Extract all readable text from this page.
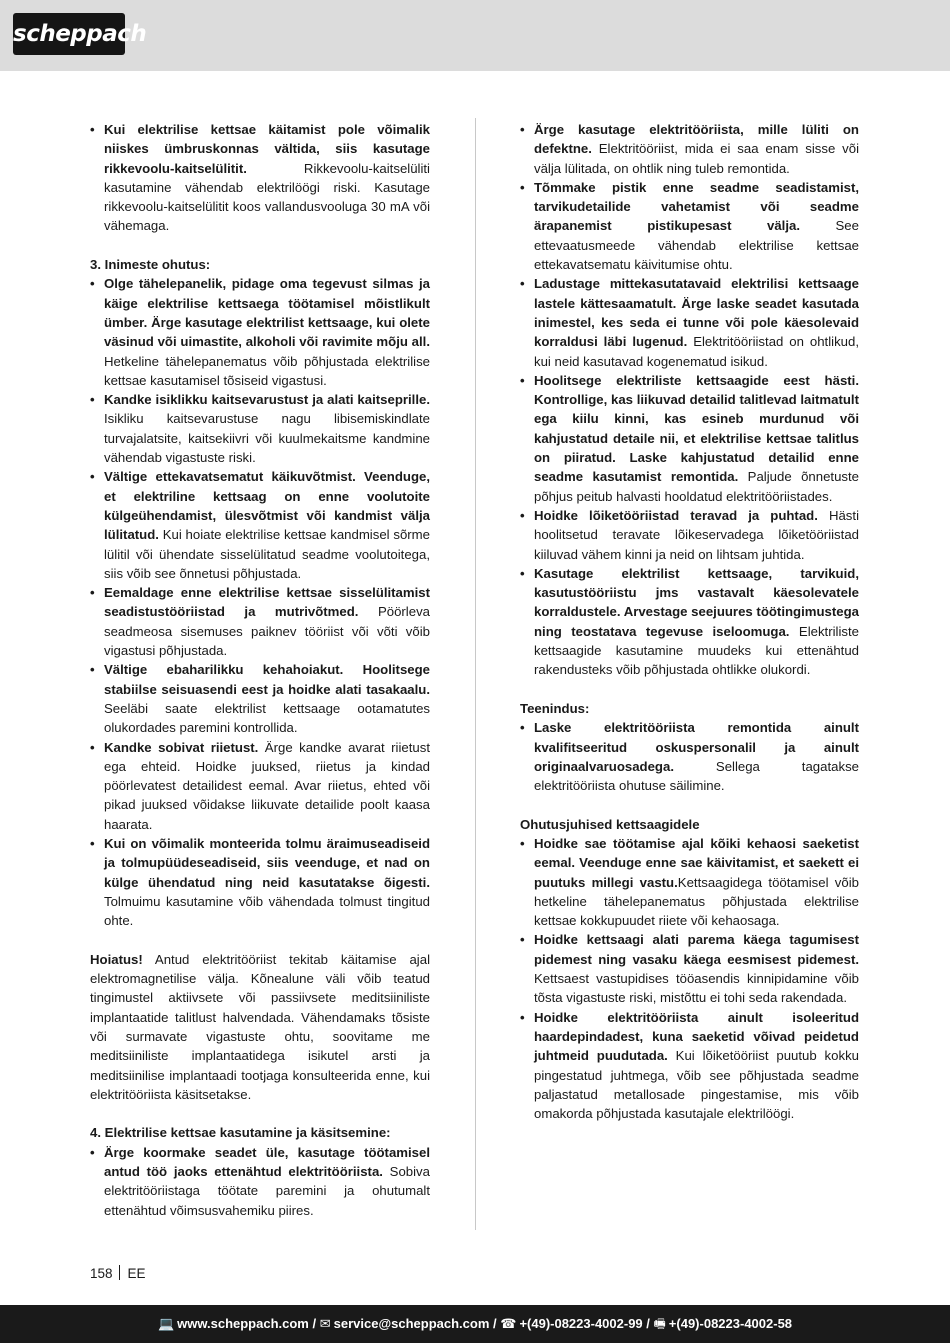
scheppach

• Kui elektrilise kettsae käitamist pole võimalik niiskes ümbruskonnas vältida, siis kasutage rikkevoolu-kaitselülitit. Rikkevoolu-kaitselüliti kasutamine vähendab elektrilöögi riski. Kasutage rikkevoolu-kaitselülitit koos vallandusvooluga 30 mA või vähemaga.

3. Inimeste ohutus:

• Olge tähelepanelik, pidage oma tegevust silmas ja käige elektrilise kettsaega töötamisel mõistlikult ümber. Ärge kasutage elektrilist kettsaage, kui olete väsinud või uimastite, alkoholi või ravimite mõju all. Hetkeline tähelepanematus võib põhjustada elektrilise kettsae kasutamisel tõsiseid vigastusi.

• Kandke isiklikku kaitsevarustust ja alati kaitseprille. Isikliku kaitsevarustuse nagu libisemiskindlate turvajalatsite, kaitsekiivri või kuulmekaitsme kandmine vähendab vigastuste riski.

• Vältige ettekavatsematut käikuvõtmist. Veenduge, et elektriline kettsaag on enne voolutoite külgeühendamist, ülesvõtmist või kandmist välja lülitatud. Kui hoiate elektrilise kettsae kandmisel sõrme lülitil või ühendate sisselülitatud seadme voolutoitega, siis võib see õnnetusi põhjustada.

• Eemaldage enne elektrilise kettsae sisselülitamist seadistustööriistad ja mutrivõtmed. Pöörleva seadmeosa sisemuses paiknev tööriist või võti võib vigastusi põhjustada.

• Vältige ebaharilikku kehahoiakut. Hoolitsege stabiilse seisuasendi eest ja hoidke alati tasakaalu. Seeläbi saate elektrilist kettsaage ootamatutes olukordades paremini kontrollida.

• Kandke sobivat riietust. Ärge kandke avarat riietust ega ehteid. Hoidke juuksed, riietus ja kindad pöörlevatest detailidest eemal. Avar riietus, ehted või pikad juuksed võidakse liikuvate detailide poolt kaasa haarata.

• Kui on võimalik monteerida tolmu äraimuseadiseid ja tolmupüüdeseadiseid, siis veenduge, et nad on külge ühendatud ning neid kasutatakse õigesti. Tolmuimu kasutamine võib vähendada tolmust tingitud ohte.

Hoiatus! Antud elektritööriist tekitab käitamise ajal elektromagnetilise välja. Kõnealune väli võib teatud tingimustel aktiivsete või passiivsete meditsiiniliste implantaatide talitlust halvendada. Vähendamaks tõsiste või surmavate vigastuste ohtu, soovitame me meditsiiniliste implantaatidega isikutel arsti ja meditsiinilise implantaadi tootjaga konsulteerida enne, kui elektritööriista käsitsetakse.

4. Elektrilise kettsae kasutamine ja käsitsemine:

• Ärge koormake seadet üle, kasutage töötamisel antud töö jaoks ettenähtud elektritööriista. Sobiva elektritööriistaga töötate paremini ja ohutumalt ettenähtud võimsusvahemiku piires.

• Ärge kasutage elektritööriista, mille lüliti on defektne. Elektritööriist, mida ei saa enam sisse või välja lülitada, on ohtlik ning tuleb remontida.

• Tõmmake pistik enne seadme seadistamist, tarvikudetailide vahetamist või seadme ärapanemist pistikupesast välja. See ettevaatusmeede vähendab elektrilise kettsae ettekavatsematu käivitumise ohtu.

• Ladustage mittekasutatavaid elektrilisi kettsaage lastele kättesaamatult. Ärge laske seadet kasutada inimestel, kes seda ei tunne või pole käesolevaid korraldusi läbi lugenud. Elektritööriistad on ohtlikud, kui neid kasutavad kogenematud isikud.

• Hoolitsege elektriliste kettsaagide eest hästi. Kontrollige, kas liikuvad detailid talitlevad laitmatult ega kiilu kinni, kas esineb murdunud või kahjustatud detaile nii, et elektrilise kettsae talitlus on piiratud. Laske kahjustatud detailid enne seadme kasutamist remontida. Paljude õnnetuste põhjus peitub halvasti hooldatud elektritööriistades.

• Hoidke lõiketööriistad teravad ja puhtad. Hästi hoolitsetud teravate lõikeservadega lõiketööriistad kiiluvad vähem kinni ja neid on lihtsam juhtida.

• Kasutage elektrilist kettsaage, tarvikuid, kasutustööriistu jms vastavalt käesolevatele korraldustele. Arvestage seejuures töötingimustega ning teostatava tegevuse iseloomuga. Elektriliste kettsaagide kasutamine muudeks kui ettenähtud rakendusteks võib põhjustada ohtlikke olukordi.

Teenindus:

• Laske elektritööriista remontida ainult kvalifitseeritud oskuspersonalil ja ainult originaalvaruosadega. Sellega tagatakse elektritööriista ohutuse säilimine.

Ohutusjuhised kettsaagidele

• Hoidke sae töötamise ajal kõiki kehaosi saeketist eemal. Veenduge enne sae käivitamist, et saekett ei puutuks millegi vastu.Kettsaagidega töötamisel võib hetkeline tähelepanematus põhjustada elektrilise kettsae kokkupuudet riiete või kehaosaga.

• Hoidke kettsaagi alati parema käega tagumisest pidemest ning vasaku käega eesmisest pidemest. Kettsaest vastupidises tööasendis kinnipidamine võib tõsta vigastuste riski, mistõttu ei tohi seda rakendada.

• Hoidke elektritööriista ainult isoleeritud haardepindadest, kuna saeketid võivad peidetud juhtmeid puudutada. Kui lõiketööriist puutub kokku pingestatud juhtmega, võib see põhjustada seadme paljastatud metallosade pingestamise, mis võib omakorda põhjustada kasutajale elektrilöögi.

158 EE
💻 www.scheppach.com / ✉ service@scheppach.com / ☎ +(49)-08223-4002-99 / 🖷 +(49)-08223-4002-58
